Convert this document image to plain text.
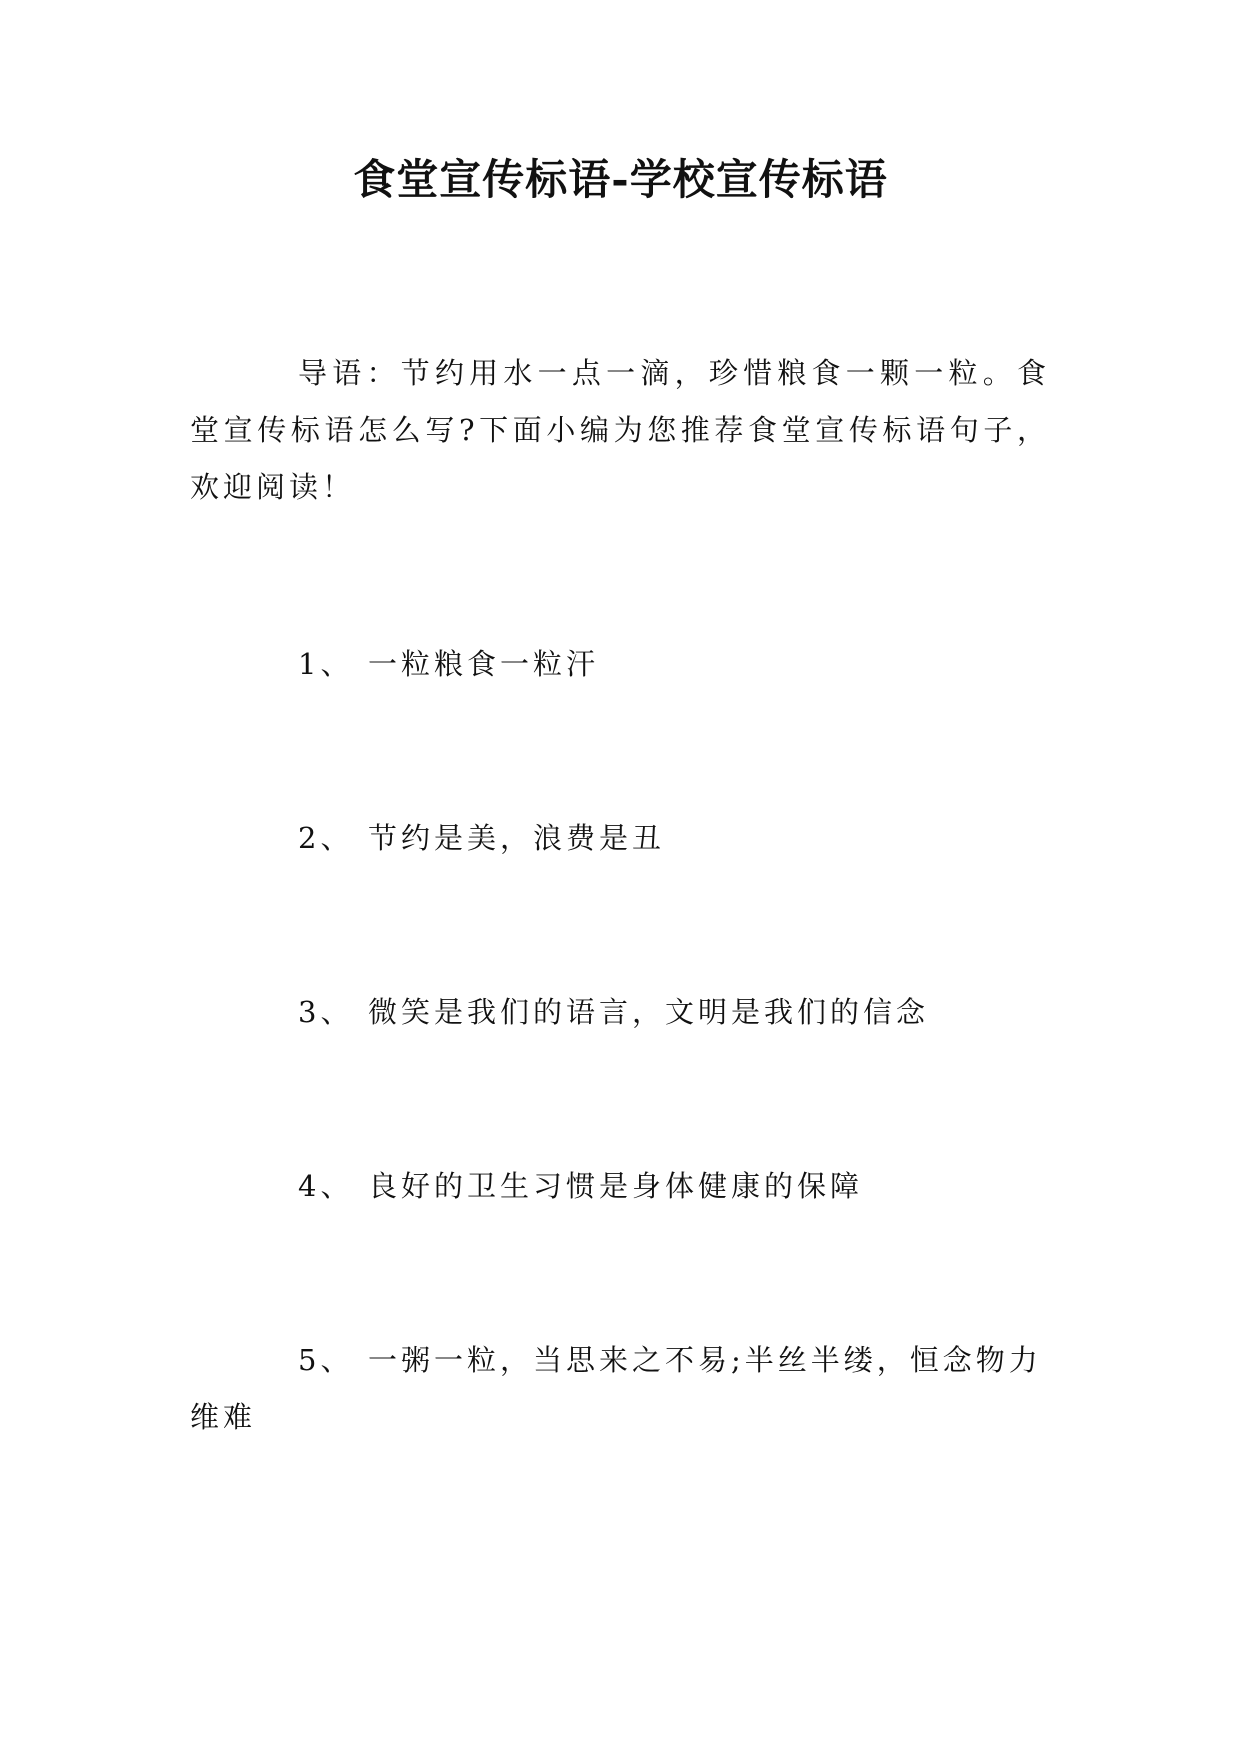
食堂宣传标语-学校宣传标语

导语：节约用水一点一滴，珍惜粮食一颗一粒。食堂宣传标语怎么写?下面小编为您推荐食堂宣传标语句子，欢迎阅读！

1、 一粒粮食一粒汗
2、 节约是美，浪费是丑
3、 微笑是我们的语言，文明是我们的信念
4、 良好的卫生习惯是身体健康的保障
5、 一粥一粒，当思来之不易;半丝半缕，恒念物力维难
